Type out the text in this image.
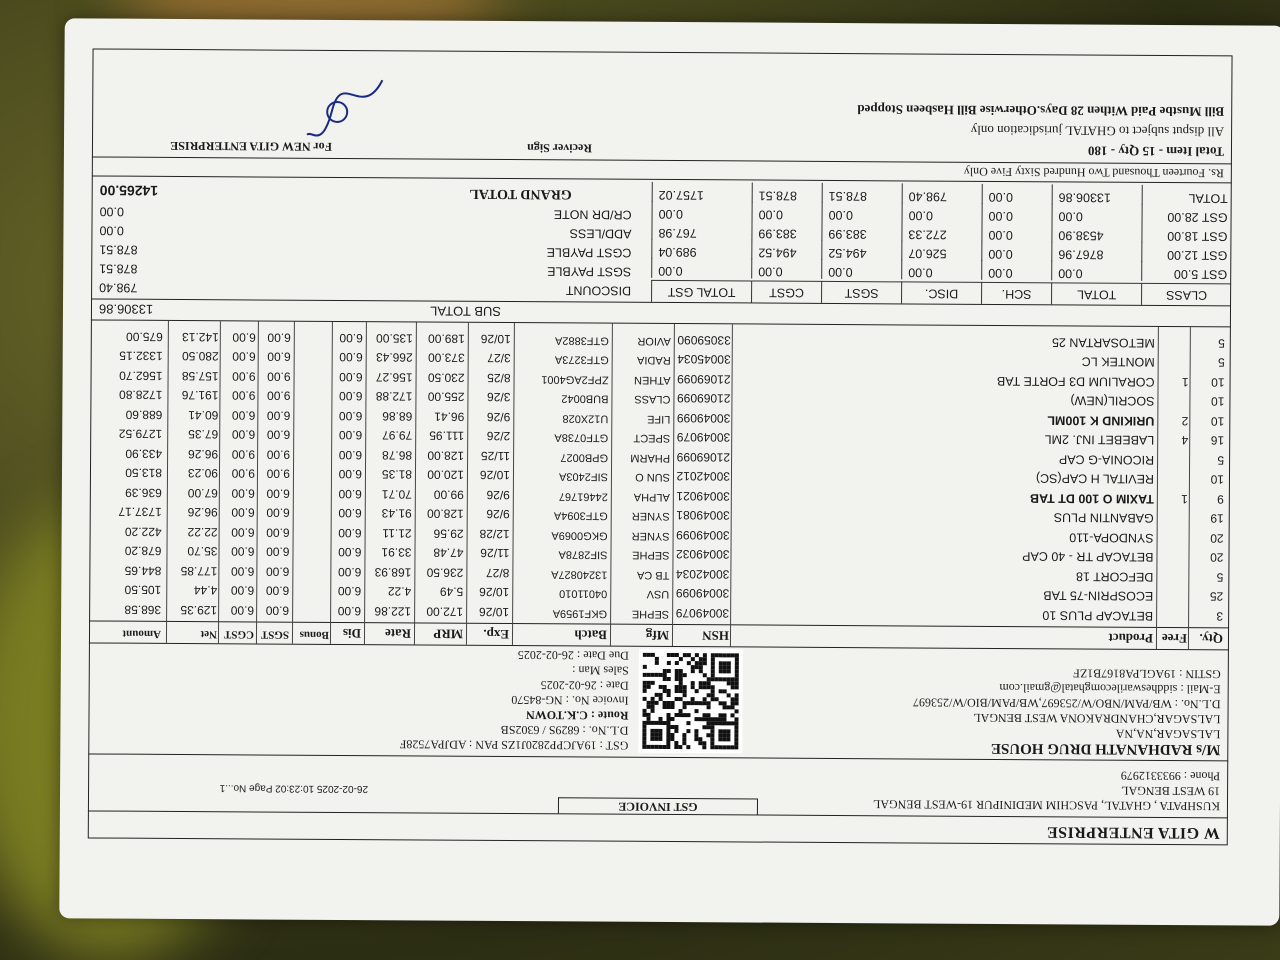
W GITA ENTERPRISE
GST INVOICE
26-02-2025 10:23:02 Page No...1
KUSHPATA , GHATAL, PASCHIM MEDINIPUR 19-WEST BENGAL
19 WEST BENGAL
Phone : 9933312979
M/s RADHANATH DRUG HOUSE
LALSAGAR,NA,NA
LALSAGAR,CHANDRAKONA WEST BENGAL
D.L.No. : WB/PAM/NBO/W/253697,WB/PAM/BIO/W/253697
E-Mail : siddheswarilecomghatal@gmail.com
GSTIN : 19AGLPA8167B1ZF
GST : 19AJCPP2820J1ZS PAN : ADJPA7528F
D.L.No. : 6829S / 6302SB
Route : C.K.TOWN
Invoice No. : NG-84570
Date : 26-02-2025
Sales Man :
Due Date : 26-02-2025
Qty.
Free
Product
HSN
Mfg
Batch
Exp.
MRP
Rate
Dis
Bonus
SGST
CGST
Net
Amount
3
BETACAP PLUS 10
30049079
SEPHE
GKF1959A
10/26
172.00
122.86
6.00
6.00
6.00
129.35
368.58
25
ECOSPRIN-75 TAB
30049099
USV
04011010
10/26
5.49
4.22
6.00
6.00
6.00
4.44
105.50
5
DEFCORT 18
30042034
TB CA
13240827A
8/27
236.50
168.93
6.00
6.00
6.00
177.85
844.65
20
BETACAP TR - 40 CAP
30049032
SEPHE
SIF2878A
11/26
47.48
33.91
6.00
6.00
6.00
35.70
678.20
20
SYNDOPA-110
30049099
SYNER
GKG0069A
12/28
29.56
21.11
6.00
6.00
6.00
22.22
422.20
19
GABANTIN PLUS
30049081
SYNER
GTF3094A
9/26
128.00
91.43
6.00
6.00
6.00
96.26
1737.17
9
1
TAXIM O 100 DT TAB
30049021
ALPHA
24461767
9/26
99.00
70.71
6.00
6.00
6.00
67.00
636.39
10
REVITAL H CAP(SC)
30042012
SUN O
SIF2403A
10/26
120.00
81.35
6.00
9.00
9.00
90.23
813.50
5
RICONIA-G CAP
21069099
PHARM
GPB0027
11/25
128.00
86.78
6.00
9.00
9.00
96.26
433.90
16
4
LABEBET INJ. 2ML
30049079
SPECT
GTF0738A
2/26
111.95
79.97
6.00
6.00
6.00
67.35
1279.52
10
2
URIKIND K 100ML
30049099
LIFE
U12X028
9/26
96.41
68.86
6.00
6.00
6.00
60.41
688.60
10
SOCRIL(NEW)
21069099
CLASS
BUB0042
3/26
255.00
172.88
6.00
9.00
9.00
191.76
1728.80
10
1
CORALIUM D3 FORTE TAB
21069099
ATHEN
ZPF2AG4001
8/25
230.50
156.27
6.00
9.00
9.00
157.58
1562.70
5
MONTEK LC
30045034
RADIA
GTF3273A
3/27
373.00
266.43
6.00
6.00
6.00
280.50
1332.15
5
METOSARTAN 25
33059090
AVIOR
GTF3882A
10/26
189.00
135.00
6.00
6.00
6.00
142.13
675.00
SUB TOTAL
13306.86
CLASS
TOTAL
SCH.
DISC.
SGST
CGST
TOTAL GST
GST 5.00
0.00
0.00
0.00
0.00
0.00
0.00
GST 12.00
8767.96
0.00
526.07
494.52
494.52
989.04
GST 18.00
4538.90
0.00
272.33
383.99
383.99
767.98
GST 28.00
0.00
0.00
0.00
0.00
0.00
0.00
TOTAL
13306.86
0.00
798.40
878.51
878.51
1757.02
DISCOUNT
798.40
SGST PAYBLE
878.51
CGST PAYBLE
878.51
ADD/LESS
0.00
CR/DR NOTE
0.00
GRAND TOTAL
14265.00
Rs. Fourteen Thousand Two Hundred Sixty Five Only
Total Item - 15 Qty - 180
All disput subject to GHATAL jurisdication only
Bill Mustbe Paid Withen 28 Days.Otherwise Bill Hasbeen Stopped
Reciver Sign
For NEW GITA ENTERPRISE
